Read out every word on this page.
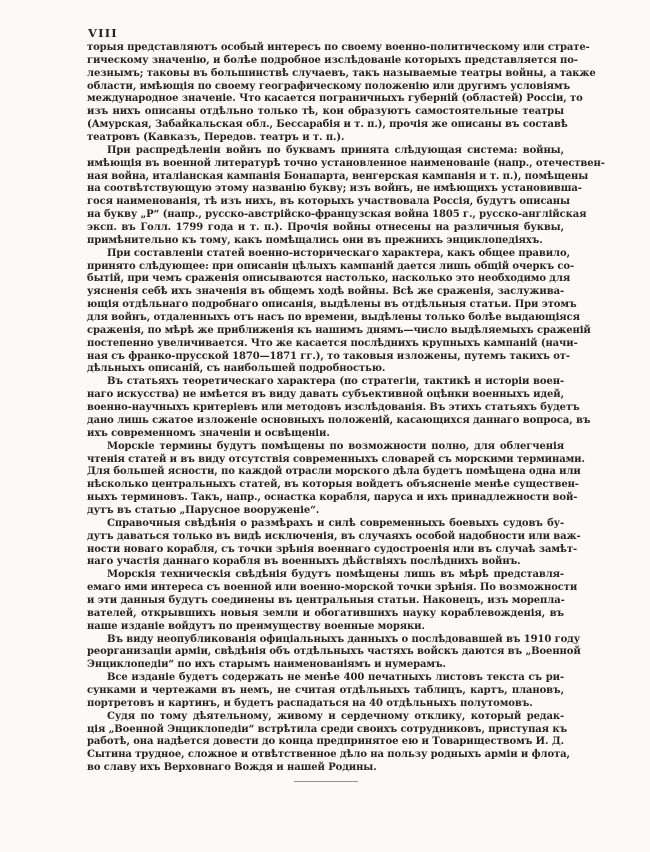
VIII
торыя представляютъ особый интересъ по своему военно-политическому или страте-
гическому значенію, и болѣе подробное изслѣдованіе которыхъ представляется по-
лезнымъ; таковы въ большинствѣ случаевъ, такъ называемые театры войны, а также
области, имѣющія по своему географическому положенію или другимъ условіямъ
международное значеніе. Что касается пограничныхъ губерній (областей) Россіи, то
изъ нихъ описаны отдѣльно только тѣ, кои образуютъ самостоятельные театры
(Амурская, Забайкальская обл., Бессарабія и т. п.), прочія же описаны въ составѣ
театровъ (Кавказъ, Передов. театръ и т. п.).
При распредѣленіи войнъ по буквамъ принята слѣдующая система: войны,
имѣющія въ военной литературѣ точно установленное наименованіе (напр., отечествен-
ная война, италіанская кампанія Бонапарта, венгерская кампанія и т. п.), помѣщены
на соотвѣтствующую этому названію букву; изъ войнъ, не имѣющихъ установивша-
гося наименованія, тѣ изъ нихъ, въ которыхъ участвовала Россія, будутъ описаны
на букву „Р“ (напр., русско-австрійско-французская война 1805 г., русско-англійская
эксп. въ Голл. 1799 года и т. п.). Прочія войны отнесены на различныя буквы,
примѣнительно къ тому, какъ помѣщались они въ прежнихъ энциклопедіяхъ.
При составленіи статей военно-историческаго характера, какъ общее правило,
принято слѣдующее: при описаніи цѣлыхъ кампаній дается лишь общій очеркъ со-
бытій, при чемъ сраженія описываются настолько, насколько это необходимо для
уясненія себѣ ихъ значенія въ общемъ ходѣ войны. Всѣ же сраженія, заслужива-
ющія отдѣльнаго подробнаго описанія, выдѣлены въ отдѣльныя статьи. При этомъ
для войнъ, отдаленныхъ отъ насъ по времени, выдѣлены только болѣе выдающіяся
сраженія, по мѣрѣ же приближенія къ нашимъ днямъ—число выдѣляемыхъ сраженій
постепенно увеличивается. Что же касается послѣднихъ крупныхъ кампаній (начи-
ная съ франко-прусской 1870—1871 гг.), то таковыя изложены, путемъ такихъ от-
дѣльныхъ описаній, съ наибольшей подробностью.
Въ статьяхъ теоретическаго характера (по стратегіи, тактикѣ и исторіи воен-
наго искусства) не имѣется въ виду давать субъективной оцѣнки военныхъ идей,
военно-научныхъ критеріевъ или методовъ изслѣдованія. Въ этихъ статьяхъ будетъ
дано лишь сжатое изложеніе основныхъ положеній, касающихся даннаго вопроса, въ
ихъ современномъ значеніи и освѣщеніи.
Морскіе термины будутъ помѣщены по возможности полно, для облегченія
чтенія статей и въ виду отсутствія современныхъ словарей съ морскими терминами.
Для большей ясности, по каждой отрасли морского дѣла будетъ помѣщена одна или
нѣсколько центральныхъ статей, въ которыя войдетъ объясненіе менѣе существен-
ныхъ терминовъ. Такъ, напр., оснастка корабля, паруса и ихъ принадлежности вой-
дутъ въ статью „Парусное вооруженіе“.
Справочныя свѣдѣнія о размѣрахъ и силѣ современныхъ боевыхъ судовъ бу-
дутъ даваться только въ видѣ исключенія, въ случаяхъ особой надобности или важ-
ности новаго корабля, съ точки зрѣнія военнаго судостроенія или въ случаѣ замѣт-
наго участія даннаго корабля въ военныхъ дѣйствіяхъ послѣднихъ войнъ.
Морскія техническія свѣдѣнія будутъ помѣщены лишь въ мѣрѣ представля-
емаго ими интереса съ военной или военно-морской точки зрѣнія. По возможности
и эти данныя будутъ соединены въ центральныя статьи. Наконецъ, изъ морепла-
вателей, открывшихъ новыя земли и обогатившихъ науку кораблевожденія, въ
наше изданіе войдутъ по преимуществу военные моряки.
Въ виду неопубликованія офиціальныхъ данныхъ о послѣдовавшей въ 1910 году
реорганизаціи арміи, свѣдѣнія объ отдѣльныхъ частяхъ войскъ даются въ „Военной
Энциклопедіи“ по ихъ старымъ наименованіямъ и нумерамъ.
Все изданіе будетъ содержать не менѣе 400 печатныхъ листовъ текста съ ри-
сунками и чертежами въ немъ, не считая отдѣльныхъ таблицъ, картъ, плановъ,
портретовъ и картинъ, и будетъ распадаться на 40 отдѣльныхъ полутомовъ.
Судя по тому дѣятельному, живому и сердечному отклику, который редак-
ція „Военной Энциклопедіи“ встрѣтила среди своихъ сотрудниковъ, приступая къ
работѣ, она надѣется довести до конца предпринятое ею и Товариществомъ И. Д.
Сытина трудное, сложное и отвѣтственное дѣло на пользу родныхъ арміи и флота,
во славу ихъ Верховнаго Вождя и нашей Родины.
